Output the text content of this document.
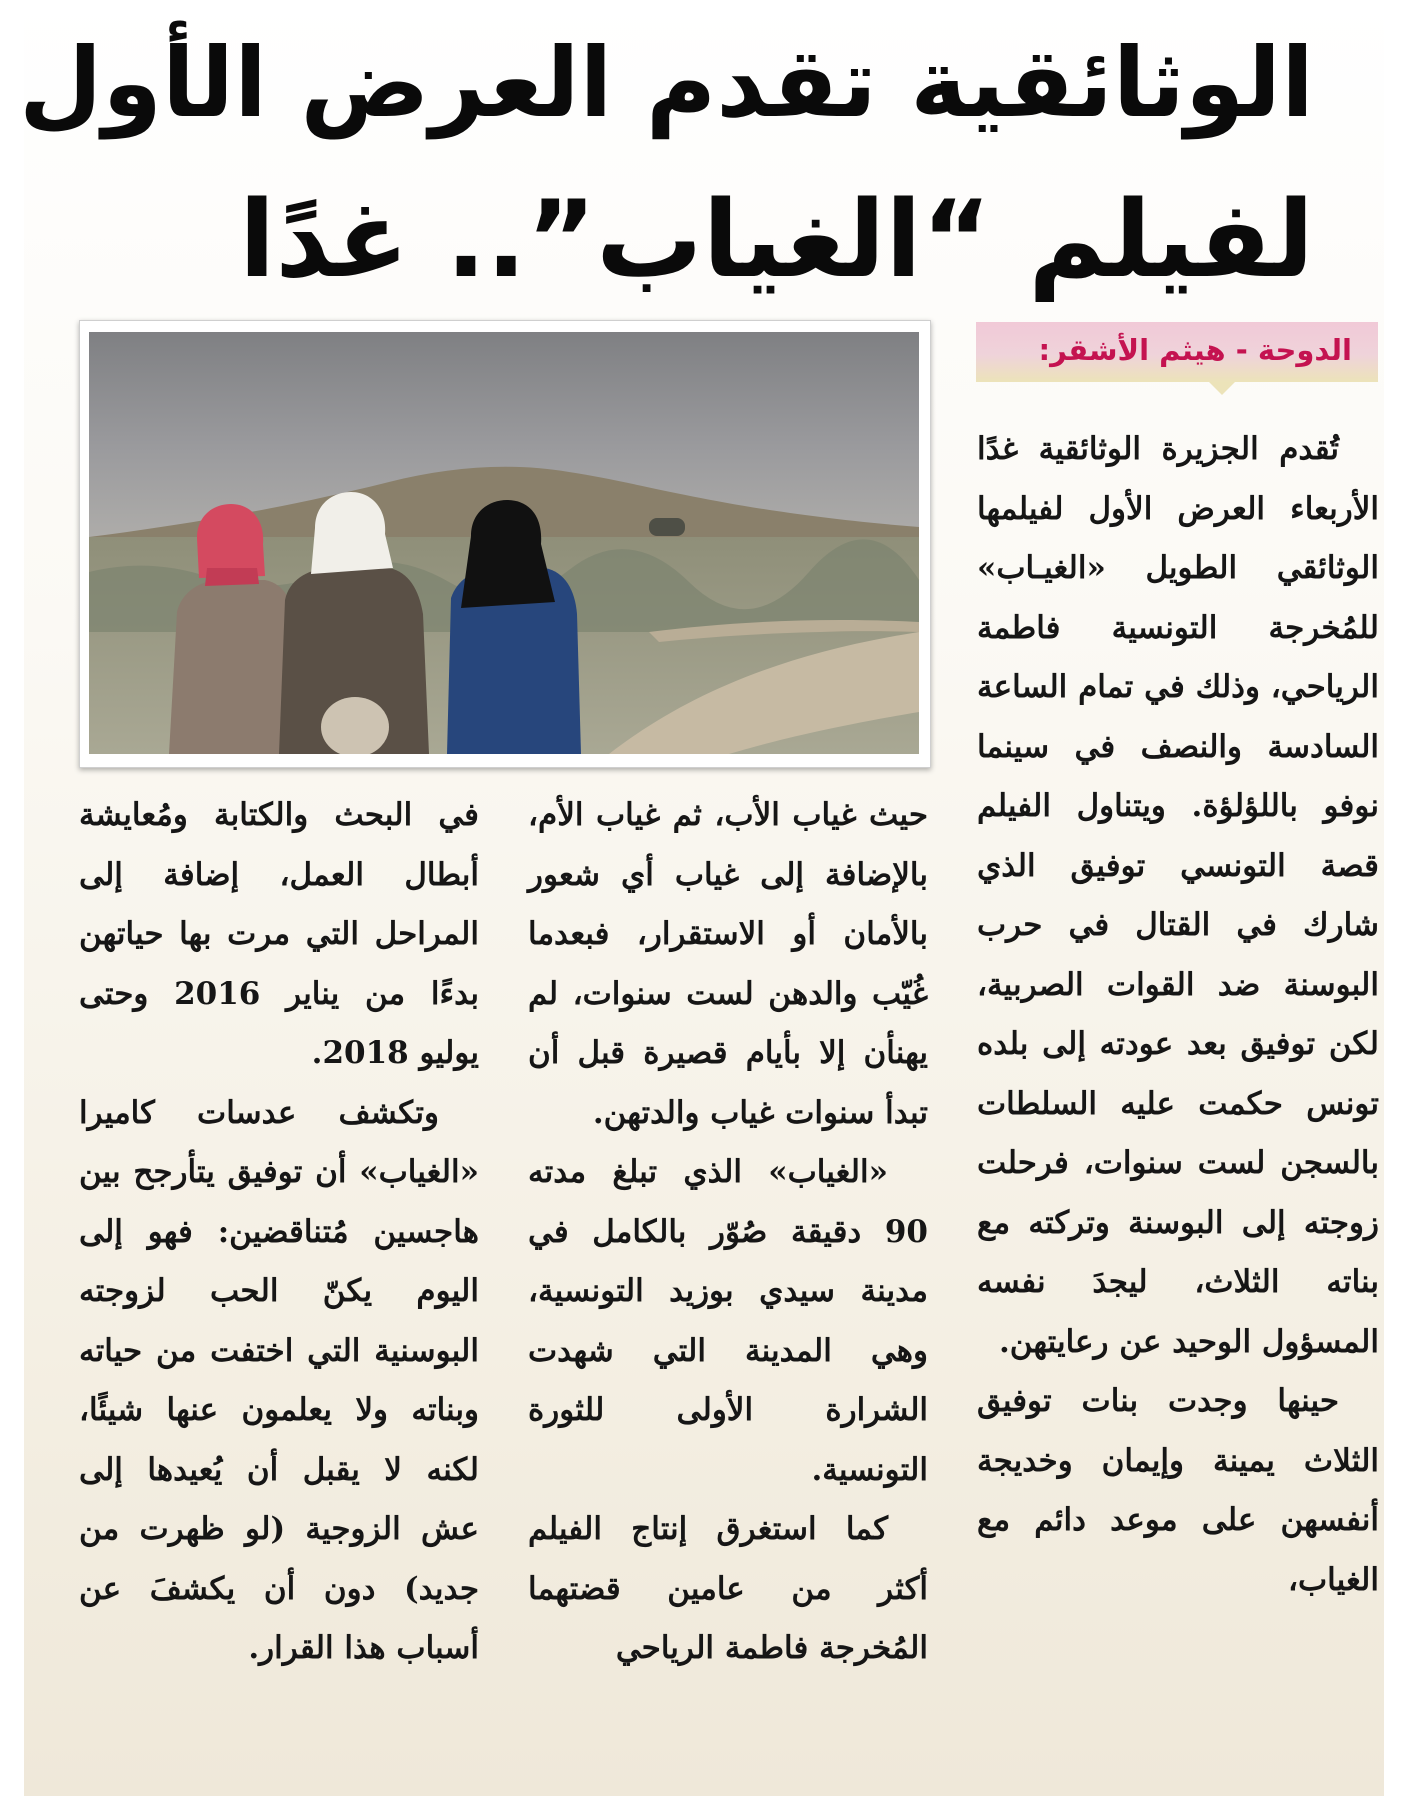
الوثائقية تقدم العرض الأول
لفيلم “الغياب”.. غدًا
الدوحة - هيثم الأشقر:

تُقدم الجزيرة الوثائقية غدًا الأربعاء العرض الأول لفيلمها الوثائقي الطويل «الغيـاب» للمُخرجة التونسية فاطمة الرياحي، وذلك في تمام الساعة السادسة والنصف في سينما نوفو باللؤلؤة. ويتناول الفيلم قصة التونسي توفيق الذي شارك في القتال في حرب البوسنة ضد القوات الصربية، لكن توفيق بعد عودته إلى بلده تونس حكمت عليه السلطات بالسجن لست سنوات، فرحلت زوجته إلى البوسنة وتركته مع بناته الثلاث، ليجدَ نفسه المسؤول الوحيد عن رعايتهن.

حينها وجدت بنات توفيق الثلاث يمينة وإيمان وخديجة أنفسهن على موعد دائم مع الغياب،

حيث غياب الأب، ثم غياب الأم، بالإضافة إلى غياب أي شعور بالأمان أو الاستقرار، فبعدما غُيّب والدهن لست سنوات، لم يهنأن إلا بأيام قصيرة قبل أن تبدأ سنوات غياب والدتهن.

«الغياب» الذي تبلغ مدته 90 دقيقة صُوّر بالكامل في مدينة سيدي بوزيد التونسية، وهي المدينة التي شهدت الشرارة الأولى للثورة التونسية.

كما استغرق إنتاج الفيلم أكثر من عامين قضتهما المُخرجة فاطمة الرياحي

في البحث والكتابة ومُعايشة أبطال العمل، إضافة إلى المراحل التي مرت بها حياتهن بدءًا من يناير 2016 وحتى يوليو 2018.

وتكشف عدسات كاميرا «الغياب» أن توفيق يتأرجح بين هاجسين مُتناقضين: فهو إلى اليوم يكنّ الحب لزوجته البوسنية التي اختفت من حياته وبناته ولا يعلمون عنها شيئًا، لكنه لا يقبل أن يُعيدها إلى عش الزوجية (لو ظهرت من جديد) دون أن يكشفَ عن أسباب هذا القرار.
